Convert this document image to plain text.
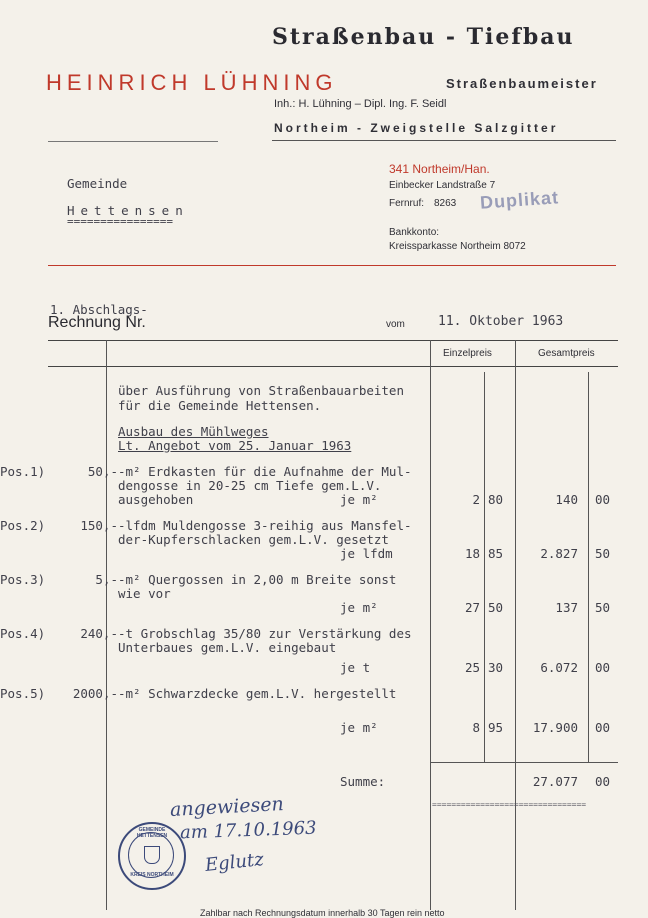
Straßenbau - Tiefbau
HEINRICH LÜHNING	Straßenbaumeister
Inh.: H. Lühning – Dipl. Ing. F. Seidl
Northeim - Zweigstelle Salzgitter
Gemeinde
Hettensen
================
341 Northeim/Han.
Einbecker Landstraße 7
Fernruf: 8263 Duplikat
Bankkonto:
Kreissparkasse Northeim 8072
1. Abschlags-
Rechnung Nr.	vom	11. Oktober 1963
Einzelpreis	Gesamtpreis
über Ausführung von Straßenbauarbeiten
für die Gemeinde Hettensen.
Ausbau des Mühlweges
Lt. Angebot vom 25. Januar 1963
Pos.1)	50,- -m² Erdkasten für die Aufnahme der Mul-
dengosse in 20-25 cm Tiefe gem.L.V.
ausgehoben	je m²	2 80	140 00
Pos.2)	150,- -lfdm Muldengosse 3-reihig aus Mansfel-
der-Kupferschlacken gem.L.V. gesetzt
je lfdm	18 85	2.827 50
Pos.3)	5,- -m² Quergossen in 2,00 m Breite sonst
wie vor
je m²	27 50	137 50
Pos.4)	240,- -t Grobschlag 35/80 zur Verstärkung des
Unterbaues gem.L.V. eingebaut
je t	25 30	6.072 00
Pos.5)	2000,- -m² Schwarzdecke gem.L.V. hergestellt
je m²	8 95	17.900 00
Summe:	27.077 00
================================
angewiesen
am 17.10.1963
Eglutz
GEMEINDE HETTENSEN
KREIS NORTHEIM
Zahlbar nach Rechnungsdatum innerhalb 30 Tagen rein netto
